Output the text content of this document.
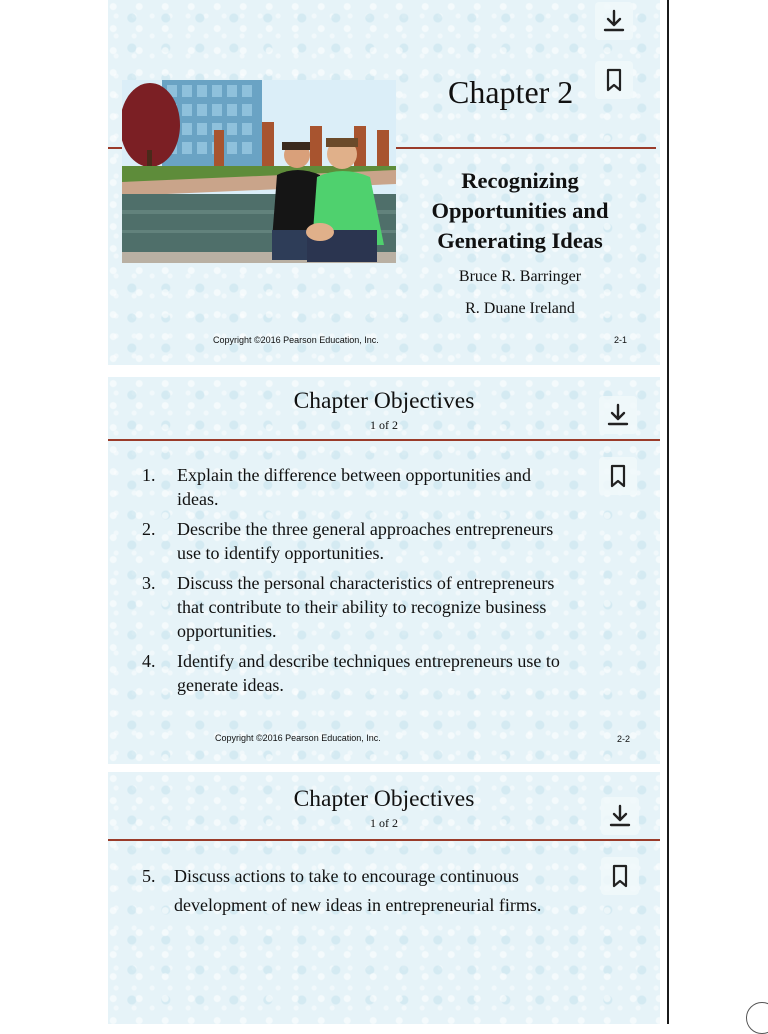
Chapter 2
Recognizing
Opportunities and
Generating Ideas
Bruce R. Barringer
R. Duane Ireland
Copyright ©2016 Pearson Education, Inc.	2-1
Chapter Objectives
1 of 2
1. Explain the difference between opportunities and
ideas.
2. Describe the three general approaches entrepreneurs
use to identify opportunities.
3. Discuss the personal characteristics of entrepreneurs
that contribute to their ability to recognize business
opportunities.
4. Identify and describe techniques entrepreneurs use to
generate ideas.
Copyright ©2016 Pearson Education, Inc.	2-2
Chapter Objectives
1 of 2
5. Discuss actions to take to encourage continuous
development of new ideas in entrepreneurial firms.
